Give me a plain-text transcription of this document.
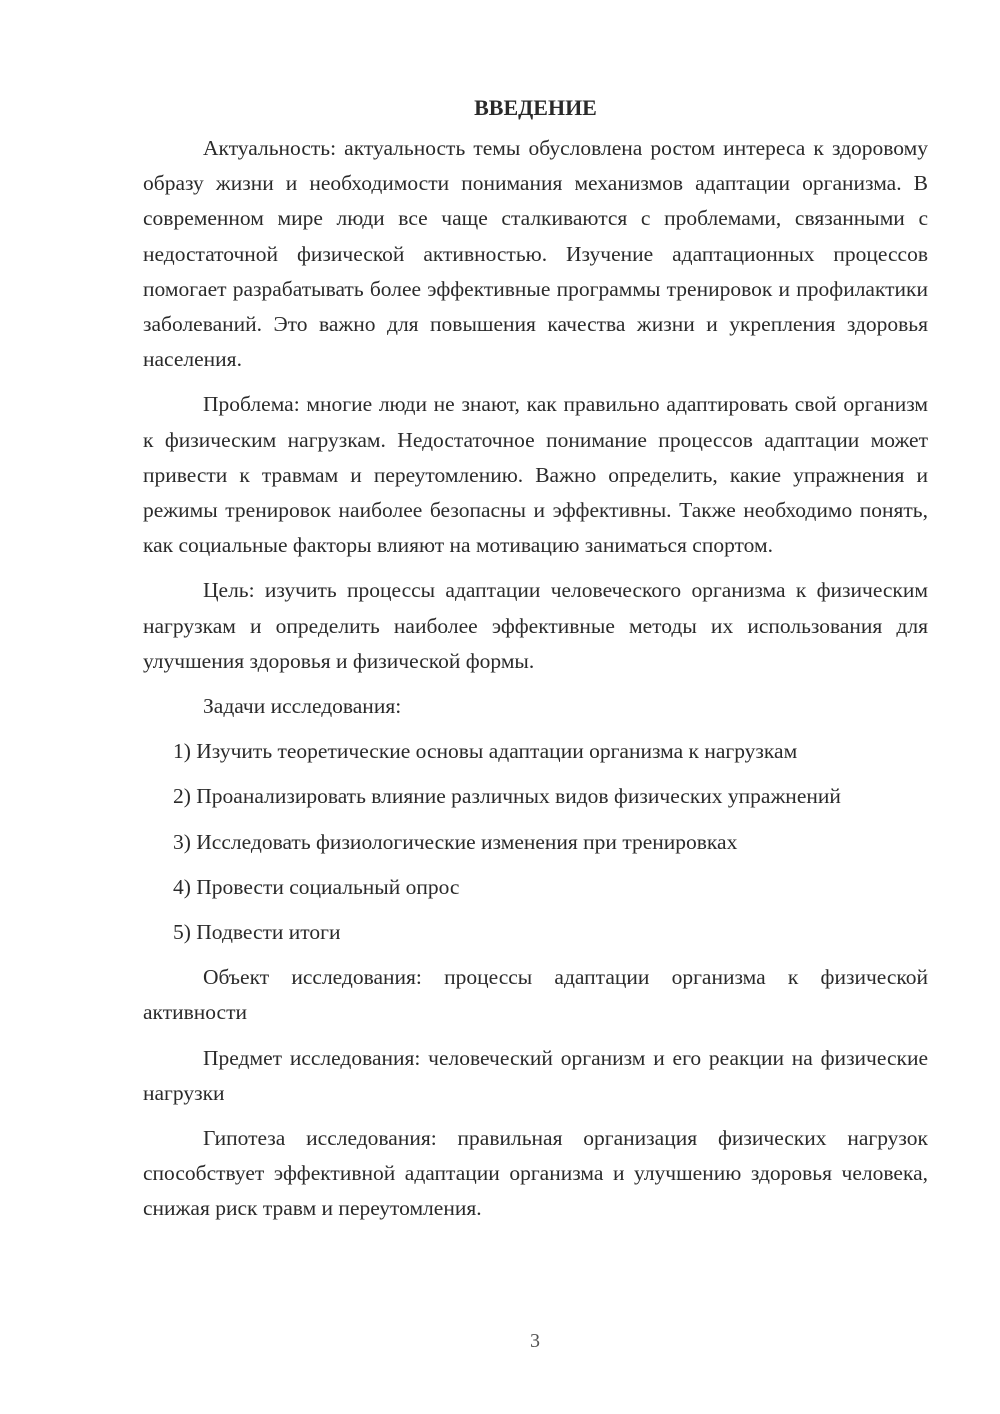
ВВЕДЕНИЕ

Актуальность: актуальность темы обусловлена ростом интереса к здоровому образу жизни и необходимости понимания механизмов адаптации организма. В современном мире люди все чаще сталкиваются с проблемами, связанными с недостаточной физической активностью. Изучение адаптационных процессов помогает разрабатывать более эффективные программы тренировок и профилактики заболеваний. Это важно для повышения качества жизни и укрепления здоровья населения.

Проблема: многие люди не знают, как правильно адаптировать свой организм к физическим нагрузкам. Недостаточное понимание процессов адаптации может привести к травмам и переутомлению. Важно определить, какие упражнения и режимы тренировок наиболее безопасны и эффективны. Также необходимо понять, как социальные факторы влияют на мотивацию заниматься спортом.

Цель: изучить процессы адаптации человеческого организма к физическим нагрузкам и определить наиболее эффективные методы их использования для улучшения здоровья и физической формы.

Задачи исследования:

1) Изучить теоретические основы адаптации организма к нагрузкам

2) Проанализировать влияние различных видов физических упражнений

3) Исследовать физиологические изменения при тренировках

4) Провести социальный опрос

5) Подвести итоги

Объект исследования: процессы адаптации организма к физической активности

Предмет исследования: человеческий организм и его реакции на физические нагрузки

Гипотеза исследования: правильная организация физических нагрузок способствует эффективной адаптации организма и улучшению здоровья человека, снижая риск травм и переутомления.

3
